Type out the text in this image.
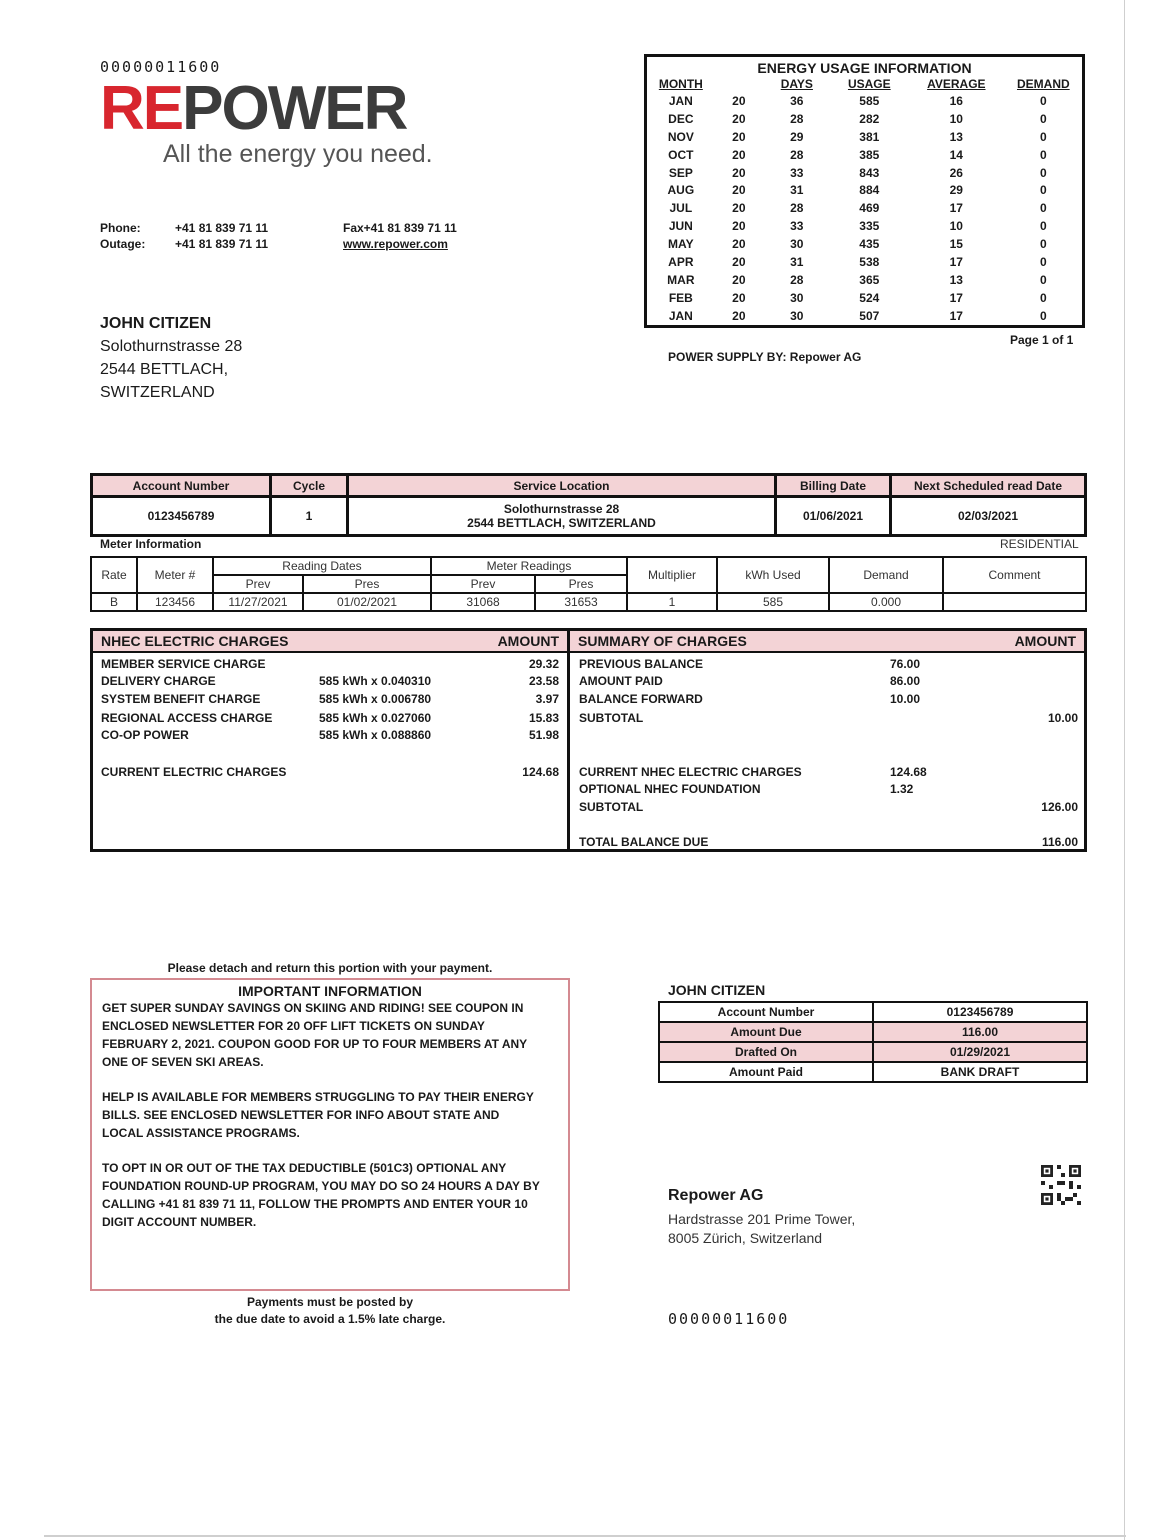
00000011600
REPOWER
All the energy you need.
Phone:	+41 81 839 71 11	Fax+41 81 839 71 11
Outage:	+41 81 839 71 11	www.repower.com
ENERGY USAGE INFORMATION
MONTH		DAYS	USAGE	AVERAGE	DEMAND
JAN	20	36	585	16	0
DEC	20	28	282	10	0
NOV	20	29	381	13	0
OCT	20	28	385	14	0
SEP	20	33	843	26	0
AUG	20	31	884	29	0
JUL	20	28	469	17	0
JUN	20	33	335	10	0
MAY	20	30	435	15	0
APR	20	31	538	17	0
MAR	20	28	365	13	0
FEB	20	30	524	17	0
JAN	20	30	507	17	0
Page 1 of 1
POWER SUPPLY BY: Repower AG
JOHN CITIZEN
Solothurnstrasse 28
2544 BETTLACH,
SWITZERLAND
Account Number	Cycle	Service Location	Billing Date	Next Scheduled read Date
0123456789	1	Solothurnstrasse 28
2544 BETTLACH, SWITZERLAND	01/06/2021	02/03/2021
Meter Information	RESIDENTIAL
Rate	Meter #	Reading Dates		Meter Readings		Multiplier	kWh Used	Demand	Comment
		Prev	Pres	Prev	Pres				
B	123456	11/27/2021	01/02/2021	31068	31653	1	585	0.000	
NHEC ELECTRIC CHARGES	AMOUNT SUMMARY OF CHARGES	AMOUNT
MEMBER SERVICE CHARGE	29.32
DELIVERY CHARGE	585 kWh x 0.040310	23.58
SYSTEM BENEFIT CHARGE	585 kWh x 0.006780	3.97
REGIONAL ACCESS CHARGE	585 kWh x 0.027060	15.83
CO-OP POWER	585 kWh x 0.088860	51.98
CURRENT ELECTRIC CHARGES	124.68
PREVIOUS BALANCE	76.00
AMOUNT PAID	86.00
BALANCE FORWARD	10.00
SUBTOTAL	10.00
CURRENT NHEC ELECTRIC CHARGES	124.68
OPTIONAL NHEC FOUNDATION	1.32
SUBTOTAL	126.00
TOTAL BALANCE DUE	116.00
Please detach and return this portion with your payment.
IMPORTANT INFORMATION

GET SUPER SUNDAY SAVINGS ON SKIING AND RIDING! SEE COUPON IN ENCLOSED NEWSLETTER FOR 20 OFF LIFT TICKETS ON SUNDAY FEBRUARY 2, 2021. COUPON GOOD FOR UP TO FOUR MEMBERS AT ANY ONE OF SEVEN SKI AREAS.

HELP IS AVAILABLE FOR MEMBERS STRUGGLING TO PAY THEIR ENERGY BILLS. SEE ENCLOSED NEWSLETTER FOR INFO ABOUT STATE AND LOCAL ASSISTANCE PROGRAMS.

TO OPT IN OR OUT OF THE TAX DEDUCTIBLE (501C3) OPTIONAL ANY FOUNDATION ROUND-UP PROGRAM, YOU MAY DO SO 24 HOURS A DAY BY CALLING +41 81 839 71 11, FOLLOW THE PROMPTS AND ENTER YOUR 10 DIGIT ACCOUNT NUMBER.

Payments must be posted by
the due date to avoid a 1.5% late charge.
JOHN CITIZEN
Account Number	0123456789
Amount Due	116.00
Drafted On	01/29/2021
Amount Paid	BANK DRAFT
Repower AG
Hardstrasse 201 Prime Tower,
8005 Zürich, Switzerland
00000011600
